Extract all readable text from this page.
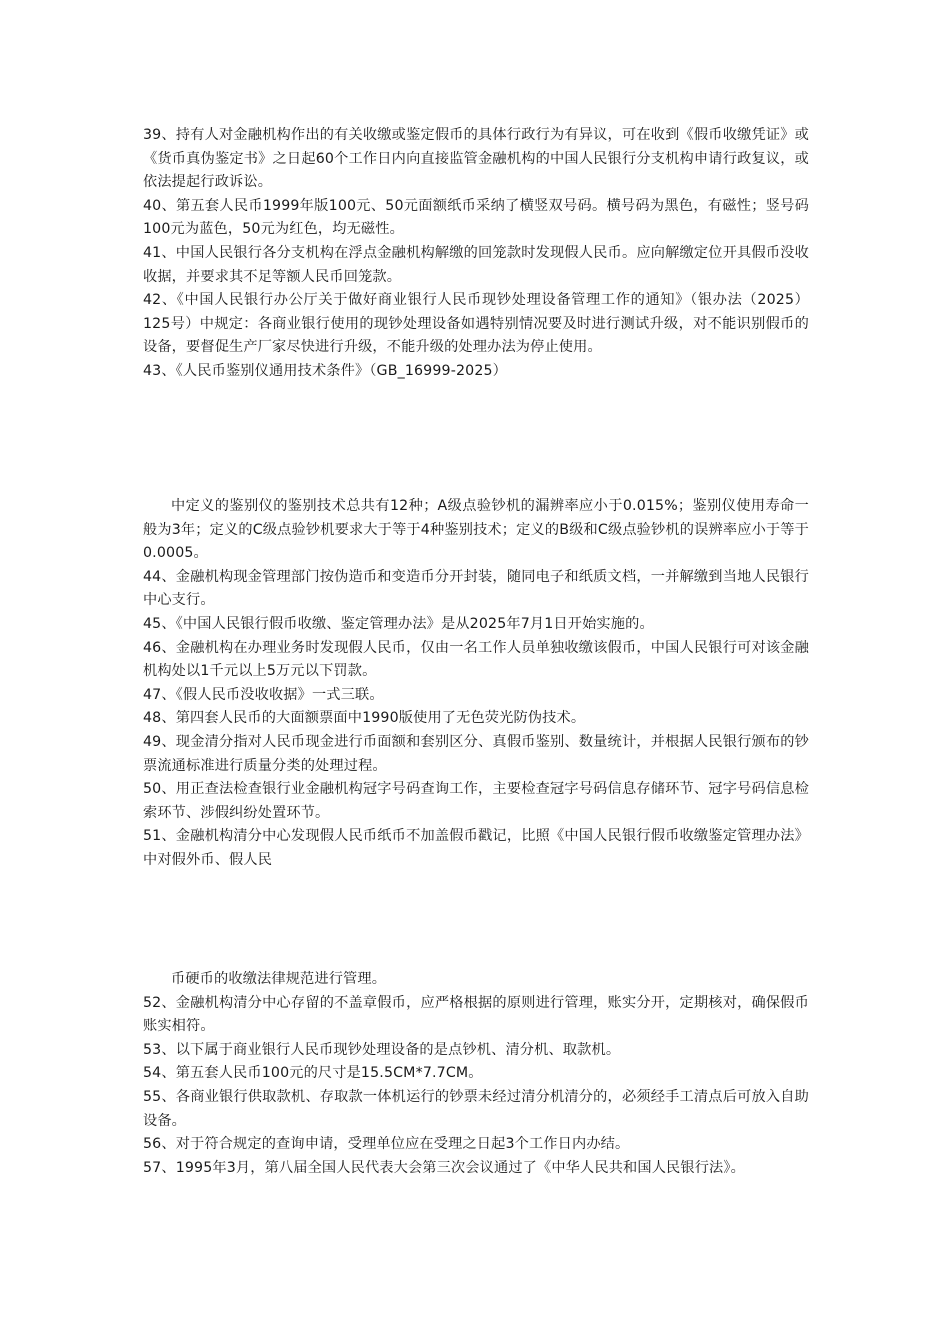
39、持有人对金融机构作出的有关收缴或鉴定假币的具体行政行为有异议，可在收到《假币收缴凭证》或《货币真伪鉴定书》之日起60个工作日内向直接监管金融机构的中国人民银行分支机构申请行政复议，或依法提起行政诉讼。

40、第五套人民币1999年版100元、50元面额纸币采纳了横竖双号码。横号码为黑色，有磁性；竖号码100元为蓝色，50元为红色，均无磁性。

41、中国人民银行各分支机构在浮点金融机构解缴的回笼款时发现假人民币。应向解缴定位开具假币没收收据，并要求其不足等额人民币回笼款。

42、《中国人民银行办公厅关于做好商业银行人民币现钞处理设备管理工作的通知》（银办法（2025）125号）中规定：各商业银行使用的现钞处理设备如遇特别情况要及时进行测试升级，对不能识别假币的设备，要督促生产厂家尽快进行升级，不能升级的处理办法为停止使用。

43、《人民币鉴别仪通用技术条件》（GB_16999-2025）

中定义的鉴别仪的鉴别技术总共有12种；A级点验钞机的漏辨率应小于0.015%；鉴别仪使用寿命一般为3年；定义的C级点验钞机要求大于等于4种鉴别技术；定义的B级和C级点验钞机的误辨率应小于等于0.0005。

44、金融机构现金管理部门按伪造币和变造币分开封装，随同电子和纸质文档，一并解缴到当地人民银行中心支行。

45、《中国人民银行假币收缴、鉴定管理办法》是从2025年7月1日开始实施的。

46、金融机构在办理业务时发现假人民币，仅由一名工作人员单独收缴该假币，中国人民银行可对该金融机构处以1千元以上5万元以下罚款。

47、《假人民币没收收据》一式三联。

48、第四套人民币的大面额票面中1990版使用了无色荧光防伪技术。

49、现金清分指对人民币现金进行币面额和套别区分、真假币鉴别、数量统计，并根据人民银行颁布的钞票流通标准进行质量分类的处理过程。

50、用正查法检查银行业金融机构冠字号码查询工作，主要检查冠字号码信息存储环节、冠字号码信息检索环节、涉假纠纷处置环节。

51、金融机构清分中心发现假人民币纸币不加盖假币戳记，比照《中国人民银行假币收缴鉴定管理办法》中对假外币、假人民

币硬币的收缴法律规范进行管理。

52、金融机构清分中心存留的不盖章假币，应严格根据的原则进行管理，账实分开，定期核对，确保假币账实相符。

53、以下属于商业银行人民币现钞处理设备的是点钞机、清分机、取款机。

54、第五套人民币100元的尺寸是15.5CM*7.7CM。

55、各商业银行供取款机、存取款一体机运行的钞票未经过清分机清分的，必须经手工清点后可放入自助设备。

56、对于符合规定的查询申请，受理单位应在受理之日起3个工作日内办结。

57、1995年3月，第八届全国人民代表大会第三次会议通过了《中华人民共和国人民银行法》。
